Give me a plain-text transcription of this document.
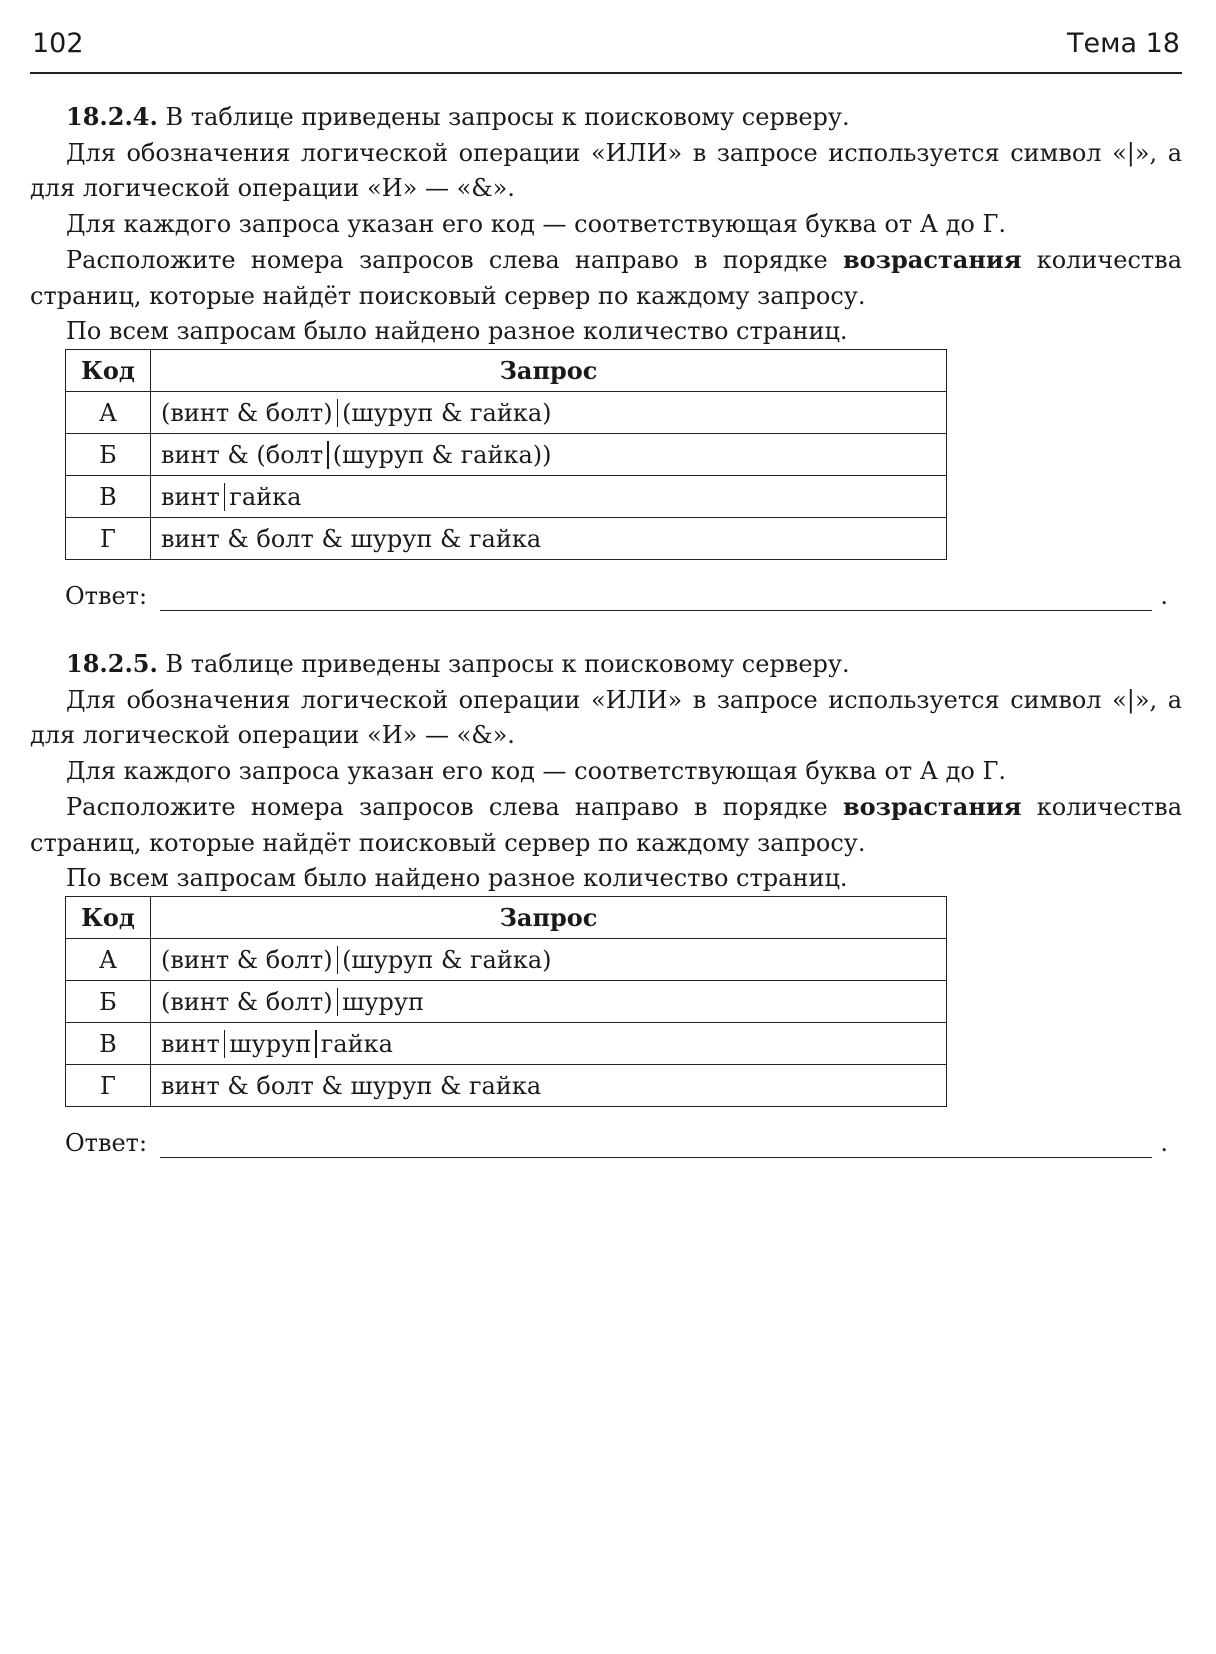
102	Тема 18

18.2.4. В таблице приведены запросы к поисковому серверу.

Для обозначения логической операции «ИЛИ» в запросе используется символ «|», а для логической операции «И» — «&».

Для каждого запроса указан его код — соответствующая буква от А до Г.

Расположите номера запросов слева направо в порядке возрастания количества страниц, которые найдёт поисковый сервер по каждому запросу.

По всем запросам было найдено разное количество страниц.

Код	Запрос
А	(винт & болт) (шуруп & гайка)
Б	винт & (болт (шуруп & гайка))
В	винт гайка
Г	винт & болт & шуруп & гайка
Ответ:	.

18.2.5. В таблице приведены запросы к поисковому серверу.

Для обозначения логической операции «ИЛИ» в запросе используется символ «|», а для логической операции «И» — «&».

Для каждого запроса указан его код — соответствующая буква от А до Г.

Расположите номера запросов слева направо в порядке возрастания количества страниц, которые найдёт поисковый сервер по каждому запросу.

По всем запросам было найдено разное количество страниц.

Код	Запрос
А	(винт & болт) (шуруп & гайка)
Б	(винт & болт) шуруп
В	винт шуруп гайка
Г	винт & болт & шуруп & гайка
Ответ:	.
